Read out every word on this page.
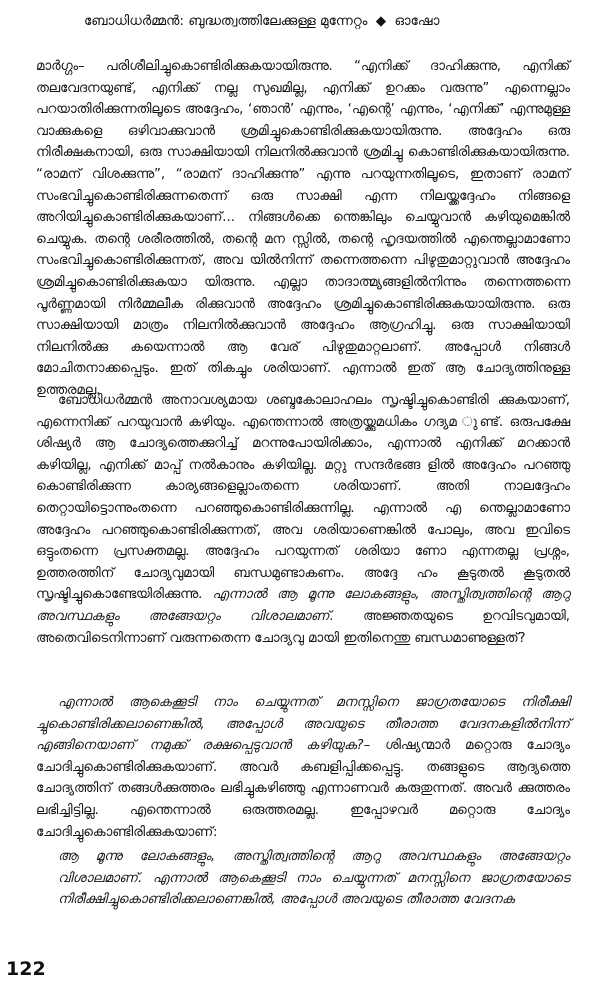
ബോധിധർമ്മൻ: ബുദ്ധത്വത്തിലേക്കുള്ള മുന്നേറ്റം ◆ ഓഷോ

മാർഗ്ഗം– പരിശീലിച്ചുകൊണ്ടിരിക്കുകയായിരുന്നു. “എനിക്ക് ദാഹിക്കുന്നു, എനിക്ക് തലവേദനയുണ്ട്, എനിക്ക് നല്ല സുഖമില്ല, എനിക്ക് ഉറക്കം വരുന്നു” എന്നെല്ലാം പറയാതിരിക്കുന്നതിലൂടെ അദ്ദേഹം, ‘ഞാൻ’ എന്നും, ‘എന്റെ’ എന്നും, ‘എനിക്ക്’ എന്നുമുള്ള വാക്കുകളെ ഒഴിവാക്കുവാൻ ശ്രമിച്ചുകൊണ്ടിരിക്കുകയായിരുന്നു. അദ്ദേഹം ഒരു നിരീക്ഷകനായി, ഒരു സാക്ഷിയായി നിലനിൽക്കുവാൻ ശ്രമിച്ചു കൊണ്ടിരിക്കുകയായിരുന്നു. “രാമന് വിശക്കുന്നു”, “രാമന് ദാഹിക്കുന്നു” എന്നു പറയുന്നതിലൂടെ, ഇതാണ് രാമന് സംഭവിച്ചുകൊണ്ടിരിക്കുന്നതെന്ന് ഒരു സാക്ഷി എന്ന നിലയ്ക്കദ്ദേഹം നിങ്ങളെ അറിയിച്ചുകൊണ്ടിരിക്കുകയാണ്... നിങ്ങൾക്കെ ന്തെങ്കിലും ചെയ്യുവാൻ കഴിയുമെങ്കിൽ ചെയ്യുക. തന്റെ ശരീരത്തിൽ, തന്റെ മന സ്സിൽ, തന്റെ ഹൃദയത്തിൽ എന്തെല്ലാമാണോ സംഭവിച്ചുകൊണ്ടിരിക്കുന്നത്, അവ യിൽനിന്ന് തന്നെത്തന്നെ പിഴുതുമാറ്റുവാൻ അദ്ദേഹം ശ്രമിച്ചുകൊണ്ടിരിക്കുകയാ യിരുന്നു. എല്ലാ താദാത്മ്യങ്ങളിൽനിന്നും തന്നെത്തന്നെ പൂർണ്ണമായി നിർമ്മലീക രിക്കുവാൻ അദ്ദേഹം ശ്രമിച്ചുകൊണ്ടിരിക്കുകയായിരുന്നു. ഒരു സാക്ഷിയായി മാത്രം നിലനിൽക്കുവാൻ അദ്ദേഹം ആഗ്രഹിച്ചു. ഒരു സാക്ഷിയായി നിലനിൽക്കു കയെന്നാൽ ആ വേര് പിഴുതുമാറ്റലാണ്. അപ്പോൾ നിങ്ങൾ മോചിതനാക്കപ്പെടും. ഇത് തികച്ചും ശരിയാണ്. എന്നാൽ ഇത് ആ ചോദ്യത്തിനുള്ള ഉത്തരമല്ല.

ബോധിധർമ്മൻ അനാവശ്യമായ ശബ്ദകോലാഹലം സൃഷ്ടിച്ചുകൊണ്ടിരി ക്കുകയാണ്, എന്നെനിക്ക് പറയുവാൻ കഴിയും. എന്തെന്നാൽ അത്രയ്ക്കുമധികം ഗദ്യമ ുണ്ട്. ഒരുപക്ഷേ ശിഷ്യർ ആ ചോദ്യത്തെക്കുറിച്ച് മറന്നുപോയിരിക്കാം, എന്നാൽ എനിക്ക് മറക്കാൻ കഴിയില്ല, എനിക്ക് മാപ്പ് നൽകാനും കഴിയില്ല. മറ്റു സന്ദർഭങ്ങ ളിൽ അദ്ദേഹം പറഞ്ഞു കൊണ്ടിരിക്കുന്ന കാര്യങ്ങളെല്ലാംതന്നെ ശരിയാണ്. അതി നാലദ്ദേഹം തെറ്റായിട്ടൊന്നുംതന്നെ പറഞ്ഞുകൊണ്ടിരിക്കുന്നില്ല. എന്നാൽ എ ന്തെല്ലാമാണോ അദ്ദേഹം പറഞ്ഞുകൊണ്ടിരിക്കുന്നത്, അവ ശരിയാണെങ്കിൽ പോലും, അവ ഇവിടെ ഒട്ടുംതന്നെ പ്രസക്തമല്ല. അദ്ദേഹം പറയുന്നത് ശരിയാ ണോ എന്നതല്ല പ്രശ്നം, ഉത്തരത്തിന് ചോദ്യവുമായി ബന്ധമുണ്ടാകണം. അദ്ദേ ഹം കൂടുതൽ കൂടുതൽ സൃഷ്ടിച്ചുകൊണ്ടേയിരിക്കുന്നു. എന്നാൽ ആ മൂന്നു ലോകങ്ങളും, അസ്തിത്വത്തിന്റെ ആറു അവസ്ഥകളും അങ്ങേയറ്റം വിശാലമാണ്. അജ്ഞതയുടെ ഉറവിടവുമായി, അതെവിടെനിന്നാണ് വരുന്നതെന്ന ചോദ്യവു മായി ഇതിനെന്തു ബന്ധമാണുള്ളത്?

എന്നാൽ ആകെക്കൂടി നാം ചെയ്യുന്നത് മനസ്സിനെ ജാഗ്രതയോടെ നിരീക്ഷി ച്ചുകൊണ്ടിരിക്കലാണെങ്കിൽ, അപ്പോൾ അവയുടെ തീരാത്ത വേദനകളിൽനിന്ന് എങ്ങിനെയാണ് നമുക്ക് രക്ഷപ്പെടുവാൻ കഴിയുക?– ശിഷ്യന്മാർ മറ്റൊരു ചോദ്യം ചോദിച്ചുകൊണ്ടിരിക്കുകയാണ്. അവർ കബളിപ്പിക്കപ്പെട്ടു. തങ്ങളുടെ ആദ്യത്തെ ചോദ്യത്തിന് തങ്ങൾക്കുത്തരം ലഭിച്ചുകഴിഞ്ഞു എന്നാണവർ കരുതുന്നത്. അവർ ക്കുത്തരം ലഭിച്ചിട്ടില്ല. എന്തെന്നാൽ ഒരുത്തരമല്ല. ഇപ്പോഴവർ മറ്റൊരു ചോദ്യം ചോദിച്ചുകൊണ്ടിരിക്കുകയാണ്:

ആ മൂന്നു ലോകങ്ങളും, അസ്തിത്വത്തിന്റെ ആറു അവസ്ഥകളും അങ്ങേയറ്റം വിശാലമാണ്. എന്നാൽ ആകെക്കൂടി നാം ചെയ്യുന്നത് മനസ്സിനെ ജാഗ്രതയോടെ നിരീക്ഷിച്ചുകൊണ്ടിരിക്കലാണെങ്കിൽ, അപ്പോൾ അവയുടെ തീരാത്ത വേദനക

122
